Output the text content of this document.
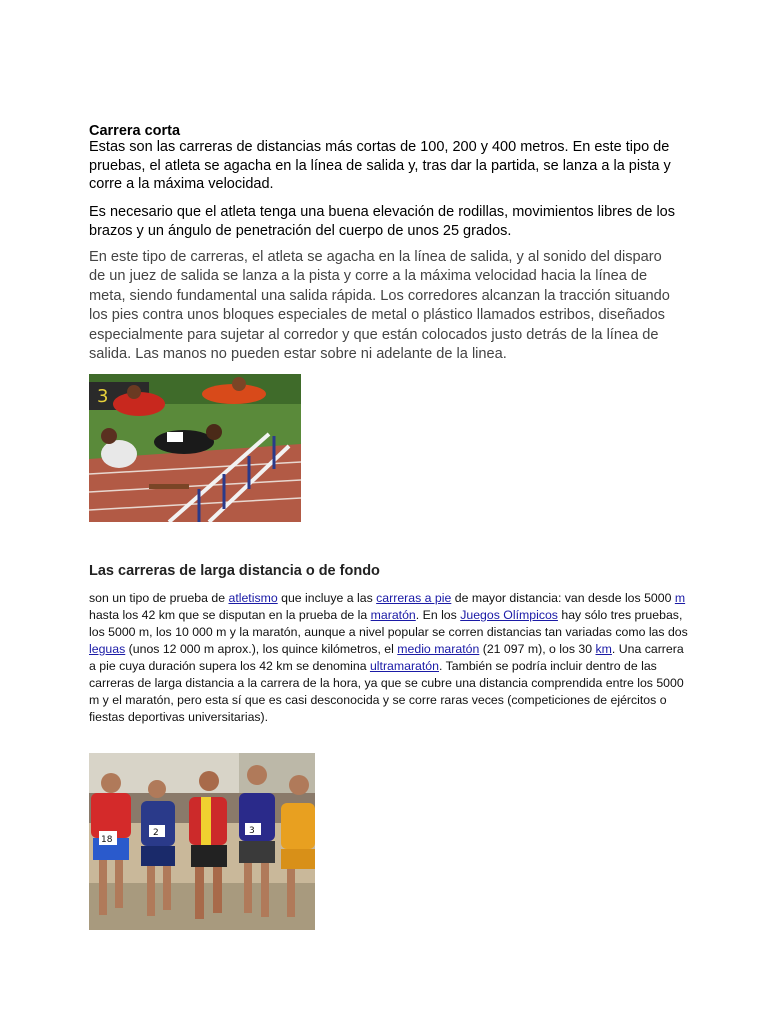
Carrera corta
Estas son las carreras de distancias más cortas de 100, 200 y 400 metros. En este tipo de pruebas, el atleta se agacha en la línea de salida y, tras dar la partida, se lanza a la pista y corre a la máxima velocidad.
Es necesario que el atleta tenga una buena elevación de rodillas, movimientos libres de los brazos y un ángulo de penetración del cuerpo de unos 25 grados.
En este tipo de carreras, el atleta se agacha en la línea de salida, y al sonido del disparo de un juez de salida se lanza a la pista y corre a la máxima velocidad hacia la línea de meta, siendo fundamental una salida rápida. Los corredores alcanzan la tracción situando los pies contra unos bloques especiales de metal o plástico llamados estribos, diseñados especialmente para sujetar al corredor y que están colocados justo detrás de la línea de salida. Las manos no pueden estar sobre ni adelante de la linea.
3
Las carreras de larga distancia o de fondo
son un tipo de prueba de atletismo que incluye a las carreras a pie de mayor distancia: van desde los 5000 m hasta los 42 km que se disputan en la prueba de la maratón. En los Juegos Olímpicos hay sólo tres pruebas, los 5000 m, los 10 000 m y la maratón, aunque a nivel popular se corren distancias tan variadas como las dos leguas (unos 12 000 m aprox.), los quince kilómetros, el medio maratón (21 097 m), o los 30 km. Una carrera a pie cuya duración supera los 42 km se denomina ultramaratón. También se podría incluir dentro de las carreras de larga distancia a la carrera de la hora, ya que se cubre una distancia comprendida entre los 5000 m y el maratón, pero esta sí que es casi desconocida y se corre raras veces (competiciones de ejércitos o fiestas deportivas universitarias).
18
2	3
